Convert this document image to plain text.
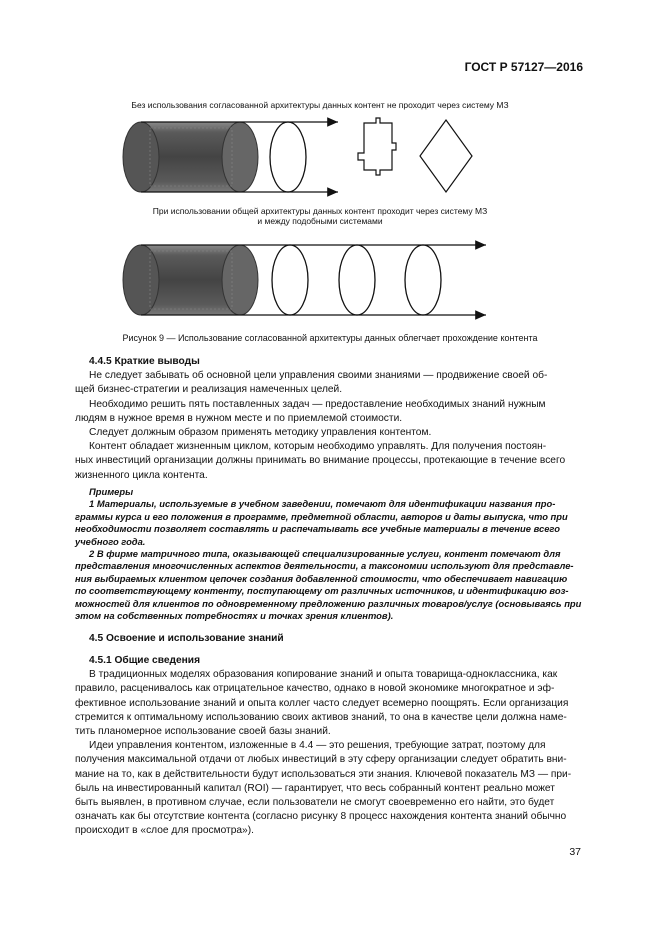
ГОСТ Р 57127—2016
Без использования согласованной архитектуры данных контент не проходит через систему МЗ
При использовании общей архитектуры данных контент проходит через систему МЗ
и между подобными системами
Рисунок 9 — Использование согласованной архитектуры данных облегчает прохождение контента

4.4.5 Краткие выводы

Не следует забывать об основной цели управления своими знаниями — продвижение своей об-

щей бизнес-стратегии и реализация намеченных целей.

Необходимо решить пять поставленных задач — предоставление необходимых знаний нужным

людям в нужное время в нужном месте и по приемлемой стоимости.

Следует должным образом применять методику управления контентом.

Контент обладает жизненным циклом, которым необходимо управлять. Для получения постоян-

ных инвестиций организации должны принимать во внимание процессы, протекающие в течение всего

жизненного цикла контента.

Примеры

1 Материалы, используемые в учебном заведении, помечают для идентификации названия про-

граммы курса и его положения в программе, предметной области, авторов и даты выпуска, что при

необходимости позволяет составлять и распечатывать все учебные материалы в течение всего

учебного года.

2 В фирме матричного типа, оказывающей специализированные услуги, контент помечают для

представления многочисленных аспектов деятельности, а таксономии используют для представле-

ния выбираемых клиентом цепочек создания добавленной стоимости, что обеспечивает навигацию

по соответствующему контенту, поступающему от различных источников, и идентификацию воз-

можностей для клиентов по одновременному предложению различных товаров/услуг (основываясь при

этом на собственных потребностях и точках зрения клиентов).

4.5 Освоение и использование знаний

4.5.1 Общие сведения

В традиционных моделях образования копирование знаний и опыта товарища-одноклассника, как

правило, расценивалось как отрицательное качество, однако в новой экономике многократное и эф-

фективное использование знаний и опыта коллег часто следует всемерно поощрять. Если организация

стремится к оптимальному использованию своих активов знаний, то она в качестве цели должна наме-

тить планомерное использование своей базы знаний.

Идеи управления контентом, изложенные в 4.4 — это решения, требующие затрат, поэтому для

получения максимальной отдачи от любых инвестиций в эту сферу организации следует обратить вни-

мание на то, как в действительности будут использоваться эти знания. Ключевой показатель МЗ — при-

быль на инвестированный капитал (ROI) — гарантирует, что весь собранный контент реально может

быть выявлен, в противном случае, если пользователи не смогут своевременно его найти, это будет

означать как бы отсутствие контента (согласно рисунку 8 процесс нахождения контента знаний обычно

происходит в «слое для просмотра»).

37
